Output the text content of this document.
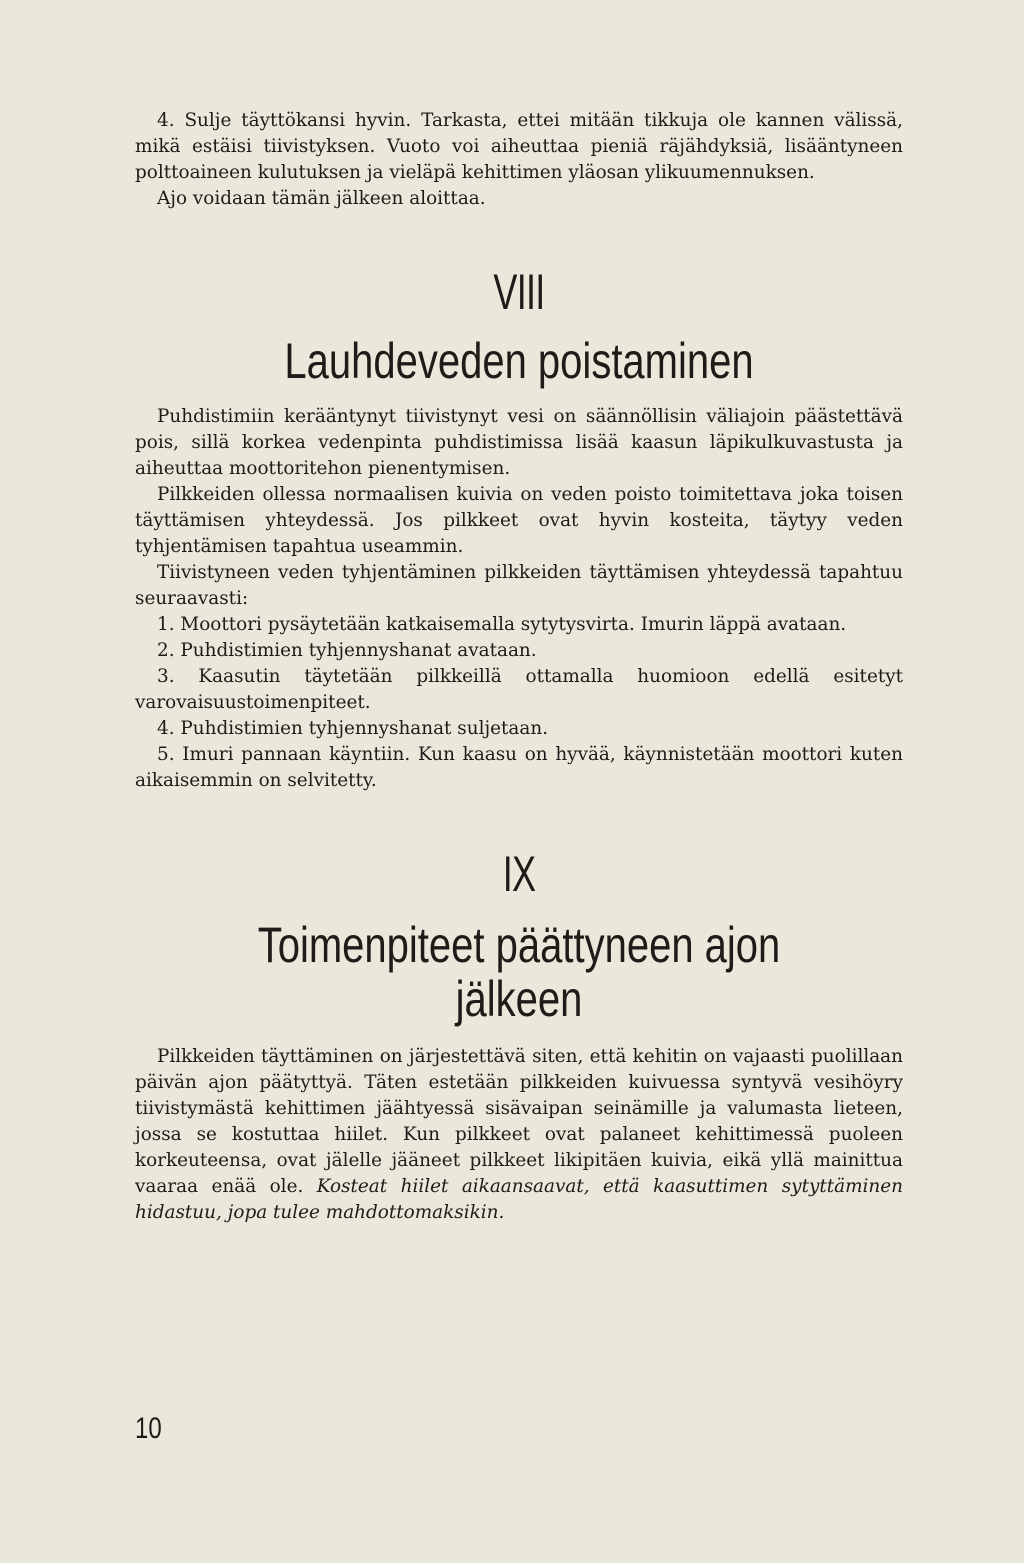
4. Sulje täyttökansi hyvin. Tarkasta, ettei mitään tikkuja ole kannen välissä, mikä estäisi tiivistyksen. Vuoto voi aiheuttaa pieniä räjähdyksiä, lisääntyneen polttoaineen kulutuksen ja vieläpä kehittimen yläosan ylikuumennuksen.

Ajo voidaan tämän jälkeen aloittaa.

VIII
Lauhdeveden poistaminen

Puhdistimiin kerääntynyt tiivistynyt vesi on säännöllisin väliajoin päästettävä pois, sillä korkea vedenpinta puhdistimissa lisää kaasun läpikulkuvastusta ja aiheuttaa moottoritehon pienentymisen.

Pilkkeiden ollessa normaalisen kuivia on veden poisto toimitettava joka toisen täyttämisen yhteydessä. Jos pilkkeet ovat hyvin kosteita, täytyy veden tyhjentämisen tapahtua useammin.

Tiivistyneen veden tyhjentäminen pilkkeiden täyttämisen yhteydessä tapahtuu seuraavasti:

1. Moottori pysäytetään katkaisemalla sytytysvirta. Imurin läppä avataan.

2. Puhdistimien tyhjennyshanat avataan.

3. Kaasutin täytetään pilkkeillä ottamalla huomioon edellä esitetyt varovaisuustoimenpiteet.

4. Puhdistimien tyhjennyshanat suljetaan.

5. Imuri pannaan käyntiin. Kun kaasu on hyvää, käynnistetään moottori kuten aikaisemmin on selvitetty.

IX
Toimenpiteet päättyneen ajon
jälkeen

Pilkkeiden täyttäminen on järjestettävä siten, että kehitin on vajaasti puolillaan päivän ajon päätyttyä. Täten estetään pilkkeiden kuivuessa syntyvä vesihöyry tiivistymästä kehittimen jäähtyessä sisävaipan seinämille ja valumasta lieteen, jossa se kostuttaa hiilet. Kun pilkkeet ovat palaneet kehittimessä puoleen korkeuteensa, ovat jälelle jääneet pilkkeet likipitäen kuivia, eikä yllä mainittua vaaraa enää ole. Kosteat hiilet aikaansaavat, että kaasuttimen sytyttäminen hidastuu, jopa tulee mahdottomaksikin.

10
